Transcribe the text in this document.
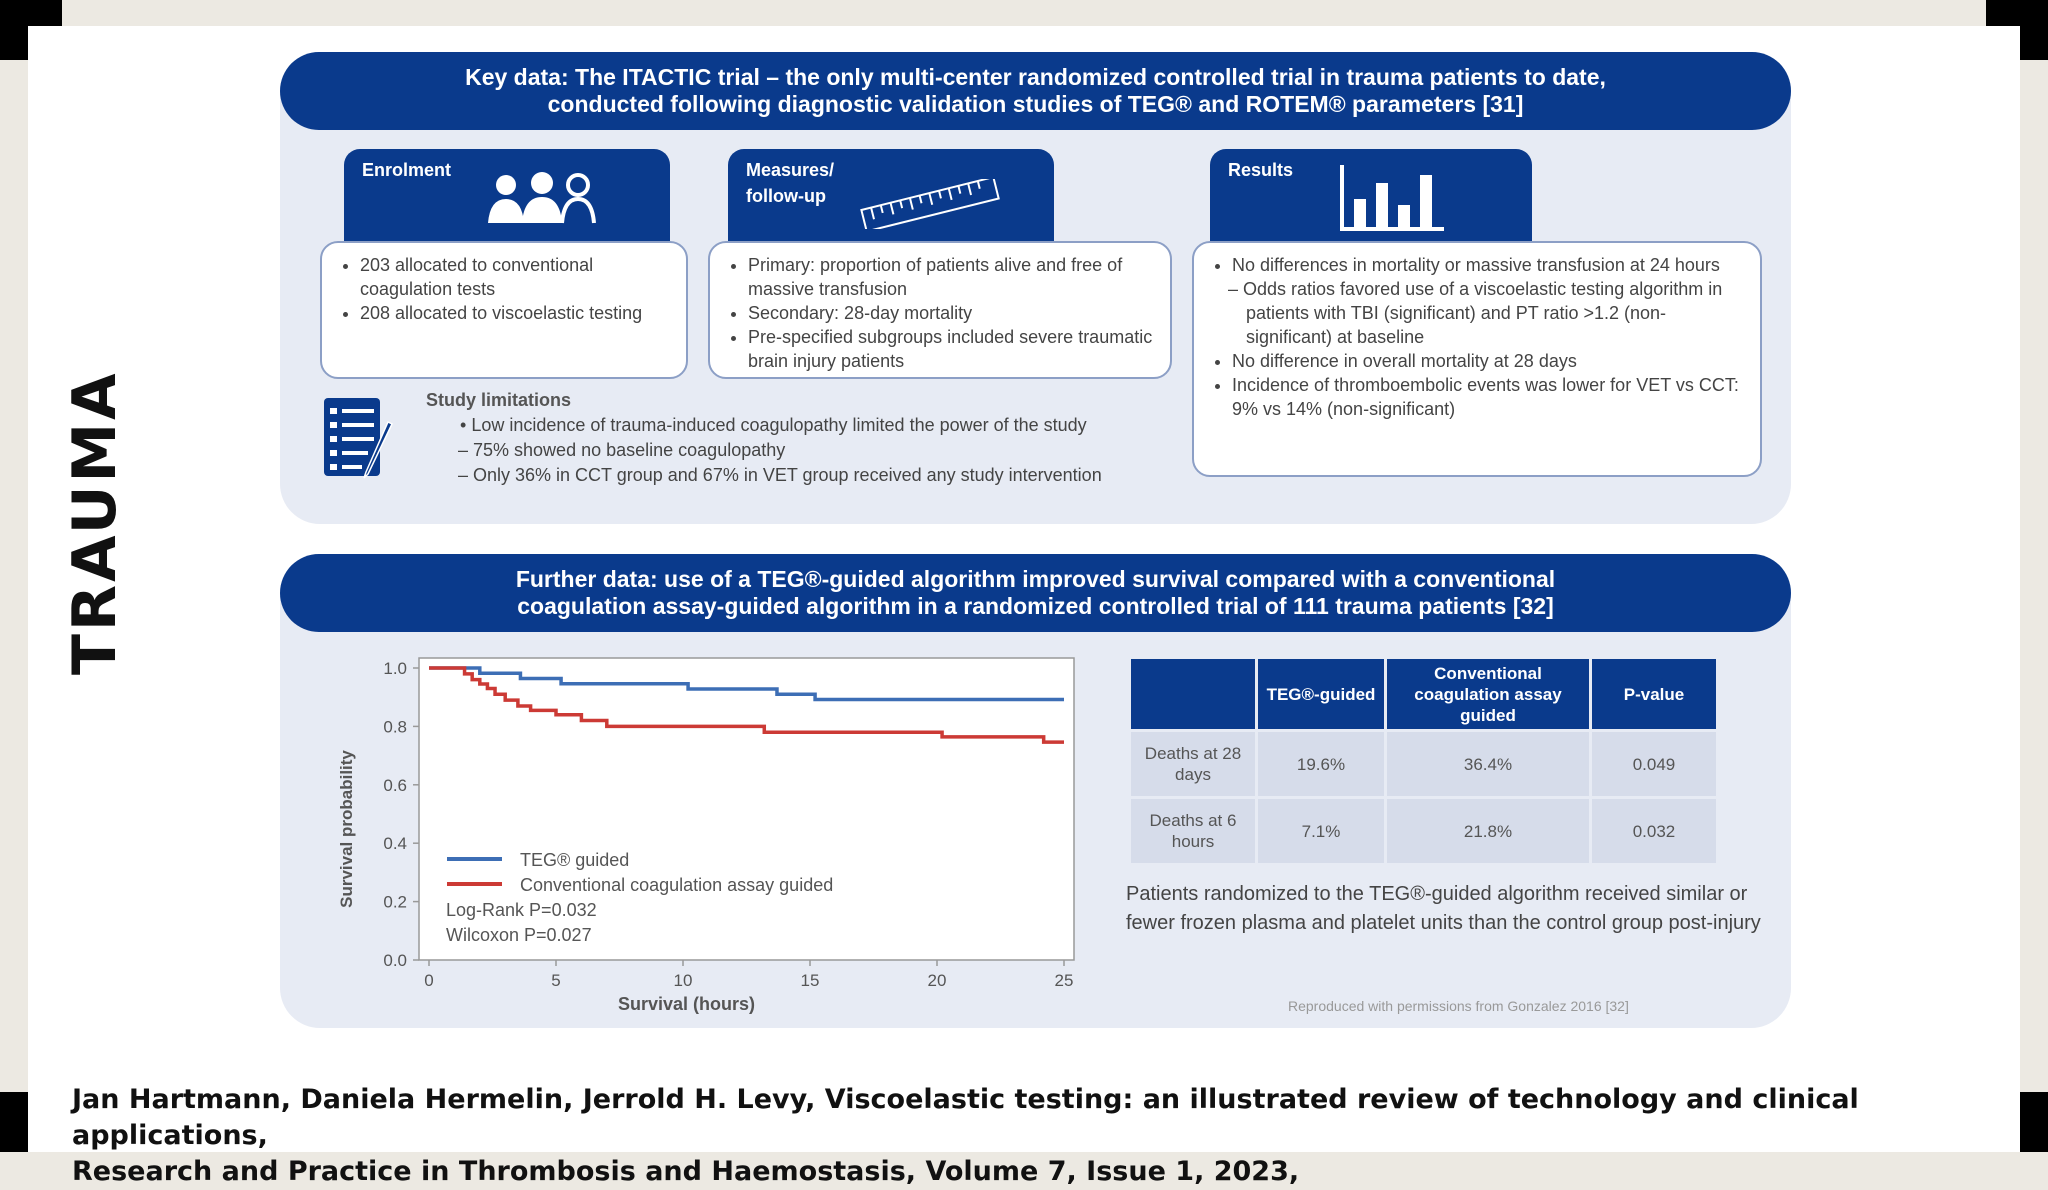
TRAUMA
Key data: The ITACTIC trial – the only multi-center randomized controlled trial in trauma patients to date,
conducted following diagnostic validation studies of TEG® and ROTEM® parameters [31]
Enrolment
• 203 allocated to conventional coagulation tests
• 208 allocated to viscoelastic testing
Measures/
follow-up
• Primary: proportion of patients alive and free of massive transfusion
• Secondary: 28-day mortality
• Pre-specified subgroups included severe traumatic brain injury patients
Results
• No differences in mortality or massive transfusion at 24 hours
– Odds ratios favored use of a viscoelastic testing algorithm in patients with TBI (significant) and PT ratio >1.2 (non-significant) at baseline
• No difference in overall mortality at 28 days
• Incidence of thromboembolic events was lower for VET vs CCT: 9% vs 14% (non-significant)
Study limitations
• Low incidence of trauma-induced coagulopathy limited the power of the study
– 75% showed no baseline coagulopathy
– Only 36% in CCT group and 67% in VET group received any study intervention
Further data: use of a TEG®-guided algorithm improved survival compared with a conventional
coagulation assay-guided algorithm in a randomized controlled trial of 111 trauma patients [32]
0.0
0.2
0.4
0.6
0.8
1.0
0	5	10	15	20	25
Survival (hours)
Survival probability	TEG® guided
Conventional coagulation assay guided
Log-Rank P=0.032
Wilcoxon P=0.027
	TEG®-guided	Conventional coagulation assay guided	P-value
Deaths at 28 days	19.6%	36.4%	0.049
Deaths at 6 hours	7.1%	21.8%	0.032
Patients randomized to the TEG®-guided algorithm received similar or fewer frozen plasma and platelet units than the control group post-injury
Reproduced with permissions from Gonzalez 2016 [32]
Jan Hartmann, Daniela Hermelin, Jerrold H. Levy, Viscoelastic testing: an illustrated review of technology and clinical applications,
Research and Practice in Thrombosis and Haemostasis, Volume 7, Issue 1, 2023,
